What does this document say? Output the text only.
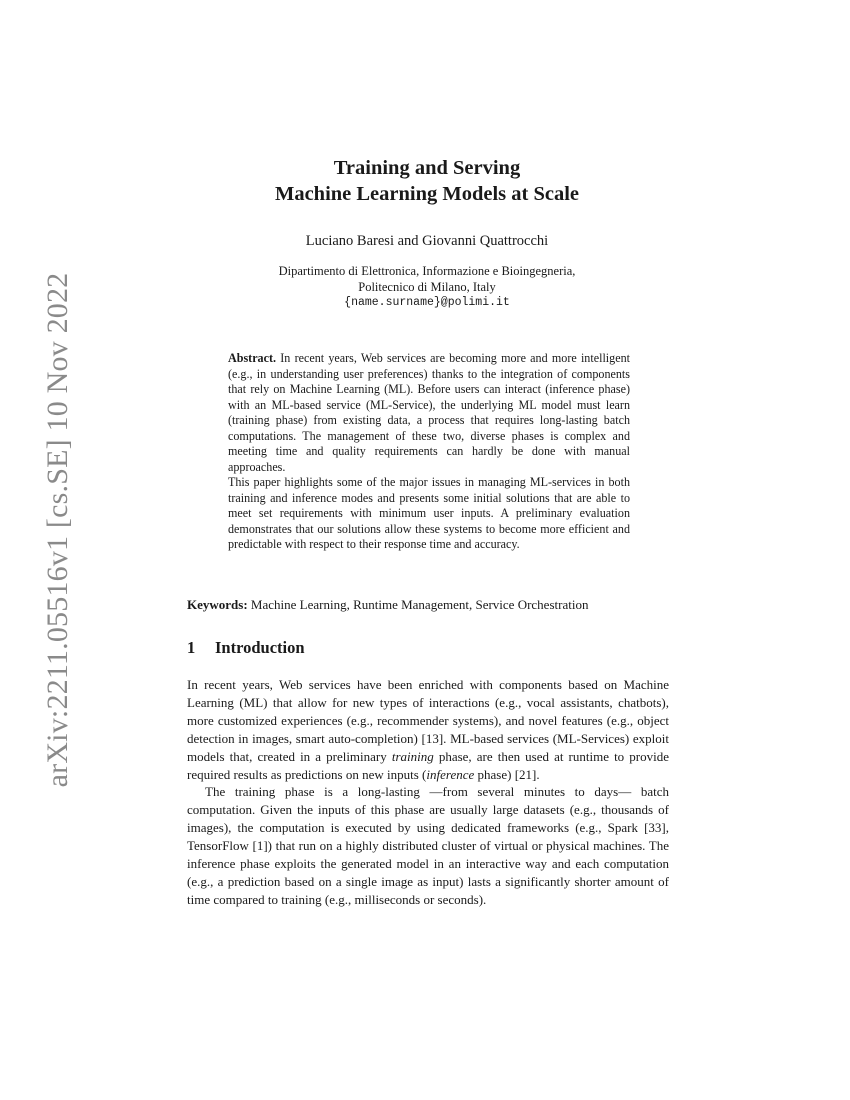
arXiv:2211.05516v1 [cs.SE] 10 Nov 2022
Training and Serving
Machine Learning Models at Scale
Luciano Baresi and Giovanni Quattrocchi
Dipartimento di Elettronica, Informazione e Bioingegneria,
Politecnico di Milano, Italy
{name.surname}@polimi.it

Abstract. In recent years, Web services are becoming more and more intelligent (e.g., in understanding user preferences) thanks to the integration of components that rely on Machine Learning (ML). Before users can interact (inference phase) with an ML-based service (ML-Service), the underlying ML model must learn (training phase) from existing data, a process that requires long-lasting batch computations. The management of these two, diverse phases is complex and meeting time and quality requirements can hardly be done with manual approaches.

This paper highlights some of the major issues in managing ML-services in both training and inference modes and presents some initial solutions that are able to meet set requirements with minimum user inputs. A preliminary evaluation demonstrates that our solutions allow these systems to become more efficient and predictable with respect to their response time and accuracy.

Keywords: Machine Learning, Runtime Management, Service Orchestration
1 Introduction

In recent years, Web services have been enriched with components based on Machine Learning (ML) that allow for new types of interactions (e.g., vocal assistants, chatbots), more customized experiences (e.g., recommender systems), and novel features (e.g., object detection in images, smart auto-completion) [13]. ML-based services (ML-Services) exploit models that, created in a preliminary training phase, are then used at runtime to provide required results as predictions on new inputs (inference phase) [21].

The training phase is a long-lasting —from several minutes to days— batch computation. Given the inputs of this phase are usually large datasets (e.g., thousands of images), the computation is executed by using dedicated frameworks (e.g., Spark [33], TensorFlow [1]) that run on a highly distributed cluster of virtual or physical machines. The inference phase exploits the generated model in an interactive way and each computation (e.g., a prediction based on a single image as input) lasts a significantly shorter amount of time compared to training (e.g., milliseconds or seconds).
